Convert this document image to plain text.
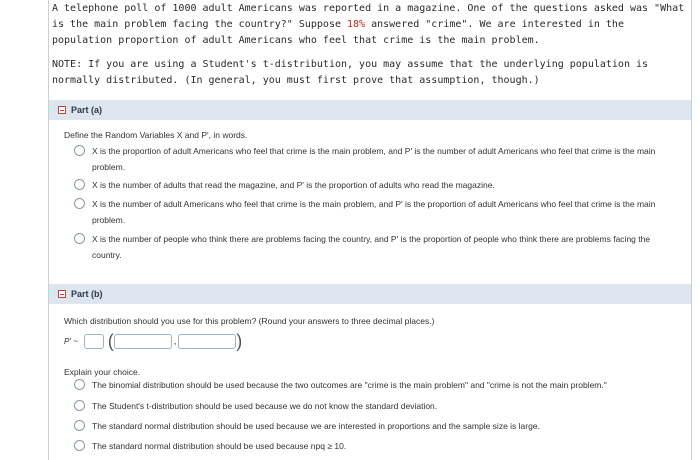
A telephone poll of 1000 adult Americans was reported in a magazine. One of the questions asked was "What is the main problem facing the country?" Suppose 18% answered "crime". We are interested in the population proportion of adult Americans who feel that crime is the main problem.
NOTE: If you are using a Student's t-distribution, you may assume that the underlying population is normally distributed. (In general, you must first prove that assumption, though.)
Part (a)
Define the Random Variables X and P', in words.
X is the proportion of adult Americans who feel that crime is the main problem, and P' is the number of adult Americans who feel that crime is the main problem.
X is the number of adults that read the magazine, and P' is the proportion of adults who read the magazine.
X is the number of adult Americans who feel that crime is the main problem, and P' is the proportion of adult Americans who feel that crime is the main problem.
X is the number of people who think there are problems facing the country, and P' is the proportion of people who think there are problems facing the country.
Part (b)
Which distribution should you use for this problem? (Round your answers to three decimal places.)
P' ~ (	,	)
Explain your choice.
The binomial distribution should be used because the two outcomes are "crime is the main problem" and "crime is not the main problem."
The Student's t-distribution should be used because we do not know the standard deviation.
The standard normal distribution should be used because we are interested in proportions and the sample size is large.
The standard normal distribution should be used because npq ≥ 10.
